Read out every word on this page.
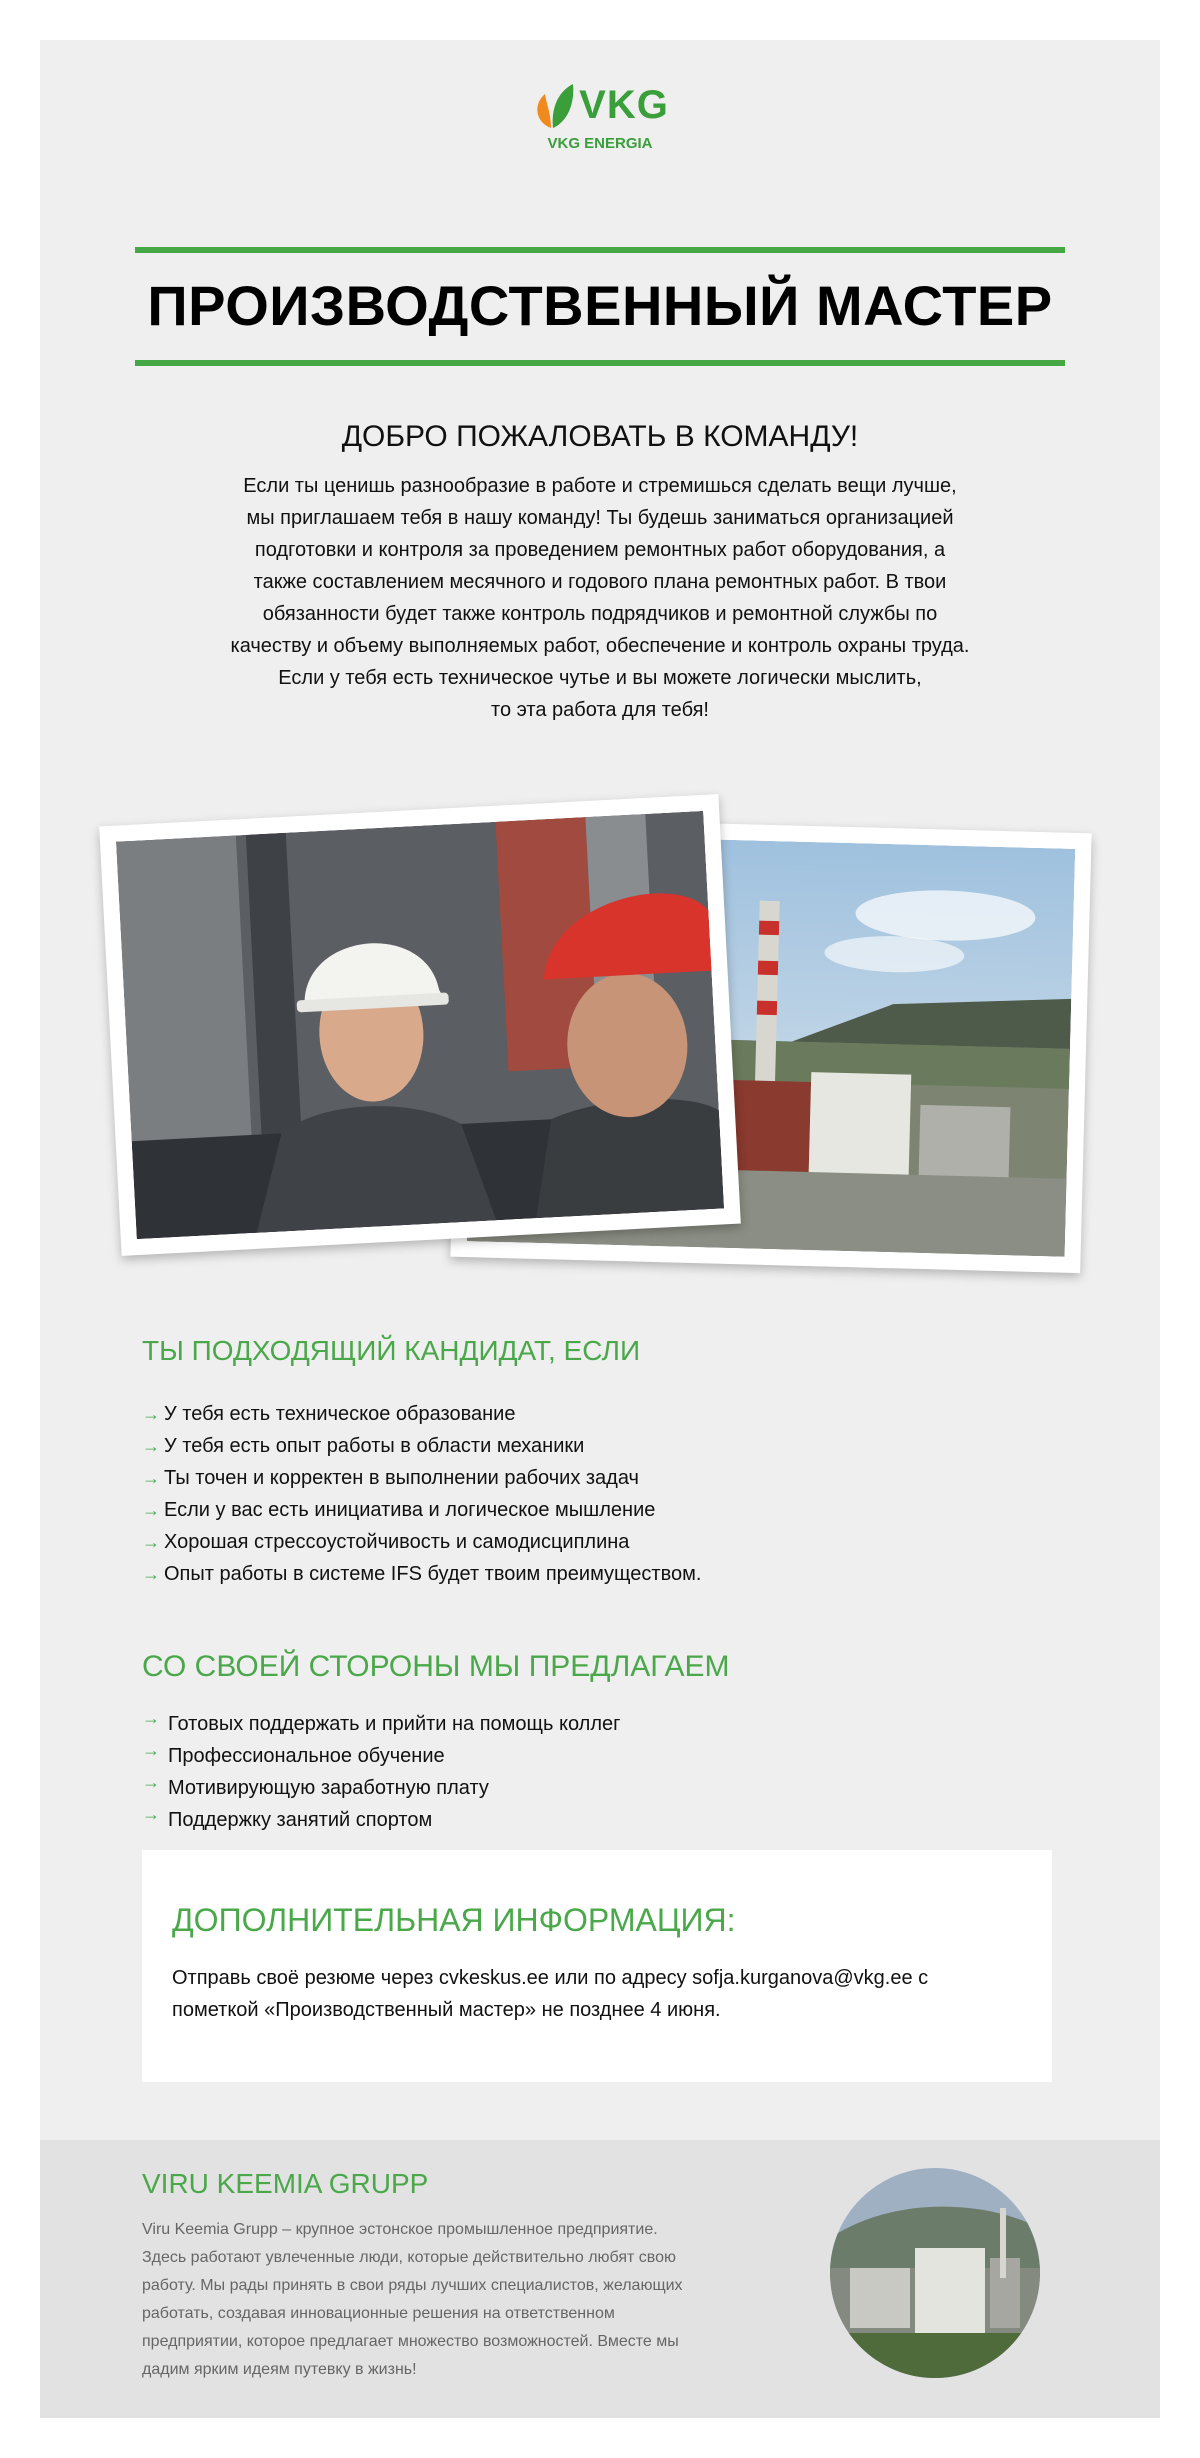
VKG
VKG ENERGIA
ПРОИЗВОДСТВЕННЫЙ МАСТЕР
ДОБРО ПОЖАЛОВАТЬ В КОМАНДУ!
Если ты ценишь разнообразие в работе и стремишься сделать вещи лучше,
мы приглашаем тебя в нашу команду! Ты будешь заниматься организацией
подготовки и контроля за проведением ремонтных работ оборудования, а
также составлением месячного и годового плана ремонтных работ. В твои
обязанности будет также контроль подрядчиков и ремонтной службы по
качеству и объему выполняемых работ, обеспечение и контроль охраны труда.
Если у тебя есть техническое чутье и вы можете логически мыслить,
то эта работа для тебя!
ТЫ ПОДХОДЯЩИЙ КАНДИДАТ, ЕСЛИ
→ У тебя есть техническое образование
→ У тебя есть опыт работы в области механики
→ Ты точен и корректен в выполнении рабочих задач
→ Если у вас есть инициатива и логическое мышление
→ Хорошая стрессоустойчивость и самодисциплина
→ Опыт работы в системе IFS будет твоим преимуществом.
СО СВОЕЙ СТОРОНЫ МЫ ПРЕДЛАГАЕМ
→ Готовых поддержать и прийти на помощь коллег
→ Профессиональное обучение
→ Мотивирующую заработную плату
→ Поддержку занятий спортом
ДОПОЛНИТЕЛЬНАЯ ИНФОРМАЦИЯ:
Отправь своё резюме через cvkeskus.ee или по адресу sofja.kurganova@vkg.ee с
пометкой «Производственный мастер» не позднее 4 июня.
VIRU KEEMIA GRUPP
Viru Keemia Grupp – крупное эстонское промышленное предприятие.
Здесь работают увлеченные люди, которые действительно любят свою
работу. Мы рады принять в свои ряды лучших специалистов, желающих
работать, создавая инновационные решения на ответственном
предприятии, которое предлагает множество возможностей. Вместе мы
дадим ярким идеям путевку в жизнь!
